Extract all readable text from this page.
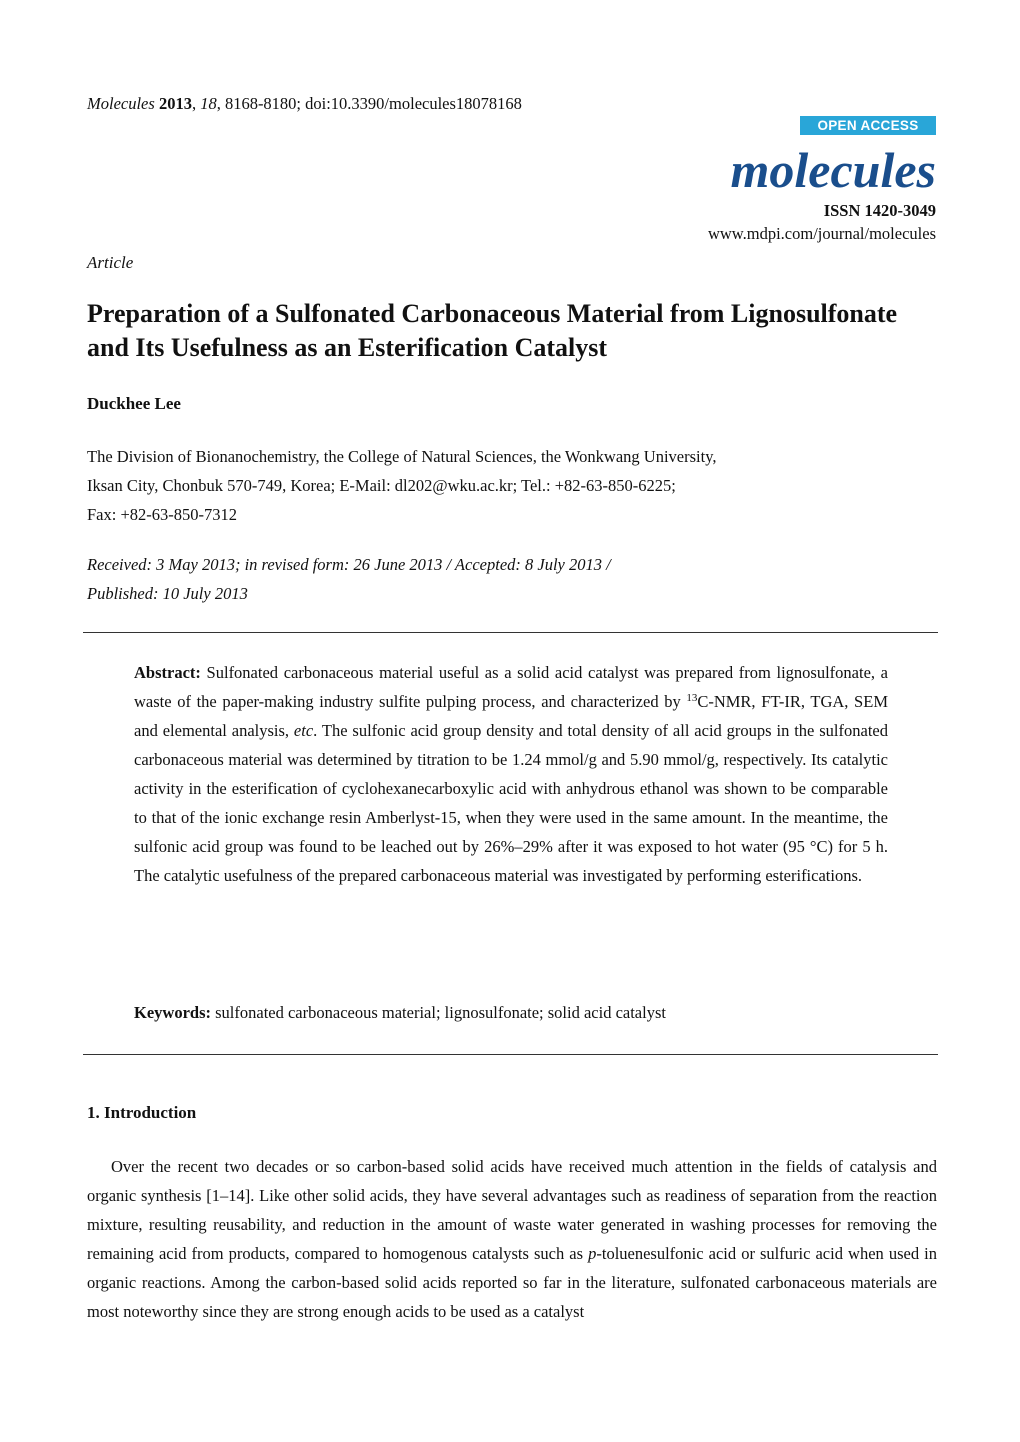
Molecules 2013, 18, 8168-8180; doi:10.3390/molecules18078168
OPEN ACCESS
molecules
ISSN 1420-3049
www.mdpi.com/journal/molecules
Article
Preparation of a Sulfonated Carbonaceous Material from Lignosulfonate and Its Usefulness as an Esterification Catalyst
Duckhee Lee
The Division of Bionanochemistry, the College of Natural Sciences, the Wonkwang University,
Iksan City, Chonbuk 570-749, Korea; E-Mail: dl202@wku.ac.kr; Tel.: +82-63-850-6225;
Fax: +82-63-850-7312
Received: 3 May 2013; in revised form: 26 June 2013 / Accepted: 8 July 2013 /
Published: 10 July 2013

Abstract: Sulfonated carbonaceous material useful as a solid acid catalyst was prepared from lignosulfonate, a waste of the paper-making industry sulfite pulping process, and characterized by $^{13}$C-NMR, FT-IR, TGA, SEM and elemental analysis, etc. The sulfonic acid group density and total density of all acid groups in the sulfonated carbonaceous material was determined by titration to be 1.24 mmol/g and 5.90 mmol/g, respectively. Its catalytic activity in the esterification of cyclohexanecarboxylic acid with anhydrous ethanol was shown to be comparable to that of the ionic exchange resin Amberlyst-15, when they were used in the same amount. In the meantime, the sulfonic acid group was found to be leached out by 26%–29% after it was exposed to hot water (95 °C) for 5 h. The catalytic usefulness of the prepared carbonaceous material was investigated by performing esterifications.

Keywords: sulfonated carbonaceous material; lignosulfonate; solid acid catalyst
1. Introduction

Over the recent two decades or so carbon-based solid acids have received much attention in the fields of catalysis and organic synthesis [1–14]. Like other solid acids, they have several advantages such as readiness of separation from the reaction mixture, resulting reusability, and reduction in the amount of waste water generated in washing processes for removing the remaining acid from products, compared to homogenous catalysts such as p-toluenesulfonic acid or sulfuric acid when used in organic reactions. Among the carbon-based solid acids reported so far in the literature, sulfonated carbonaceous materials are most noteworthy since they are strong enough acids to be used as a catalyst
